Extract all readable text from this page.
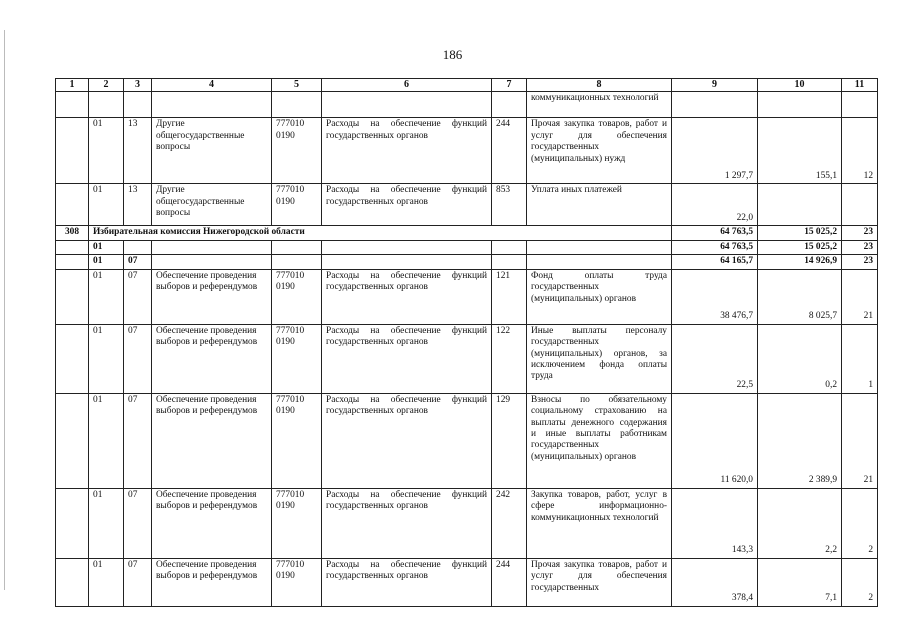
186
1	2	3	4	5	6	7	8	9	10	11
							коммуникационных технологий			
	01	13	Другие общегосударственные вопросы	777010 0190	Расходы на обеспечение функций государственных органов	244	Прочая закупка товаров, работ и услуг для обеспечения государственных (муниципальных) нужд	1 297,7	155,1	12
	01	13	Другие общегосударственные вопросы	777010 0190	Расходы на обеспечение функций государственных органов	853	Уплата иных платежей	22,0		
308	Избирательная комиссия Нижегородской области							64 763,5	15 025,2	23
	01							64 763,5	15 025,2	23
	01	07						64 165,7	14 926,9	23
	01	07	Обеспечение проведения выборов и референдумов	777010 0190	Расходы на обеспечение функций государственных органов	121	Фонд оплаты труда государственных (муниципальных) органов	38 476,7	8 025,7	21
	01	07	Обеспечение проведения выборов и референдумов	777010 0190	Расходы на обеспечение функций государственных органов	122	Иные выплаты персоналу государственных (муниципальных) органов, за исключением фонда оплаты труда	22,5	0,2	1
	01	07	Обеспечение проведения выборов и референдумов	777010 0190	Расходы на обеспечение функций государственных органов	129	Взносы по обязательному социальному страхованию на выплаты денежного содержания и иные выплаты работникам государственных (муниципальных) органов	11 620,0	2 389,9	21
	01	07	Обеспечение проведения выборов и референдумов	777010 0190	Расходы на обеспечение функций государственных органов	242	Закупка товаров, работ, услуг в сфере информационно-коммуникационных технологий	143,3	2,2	2
	01	07	Обеспечение проведения выборов и референдумов	777010 0190	Расходы на обеспечение функций государственных органов	244	Прочая закупка товаров, работ и услуг для обеспечения государственных	378,4	7,1	2
